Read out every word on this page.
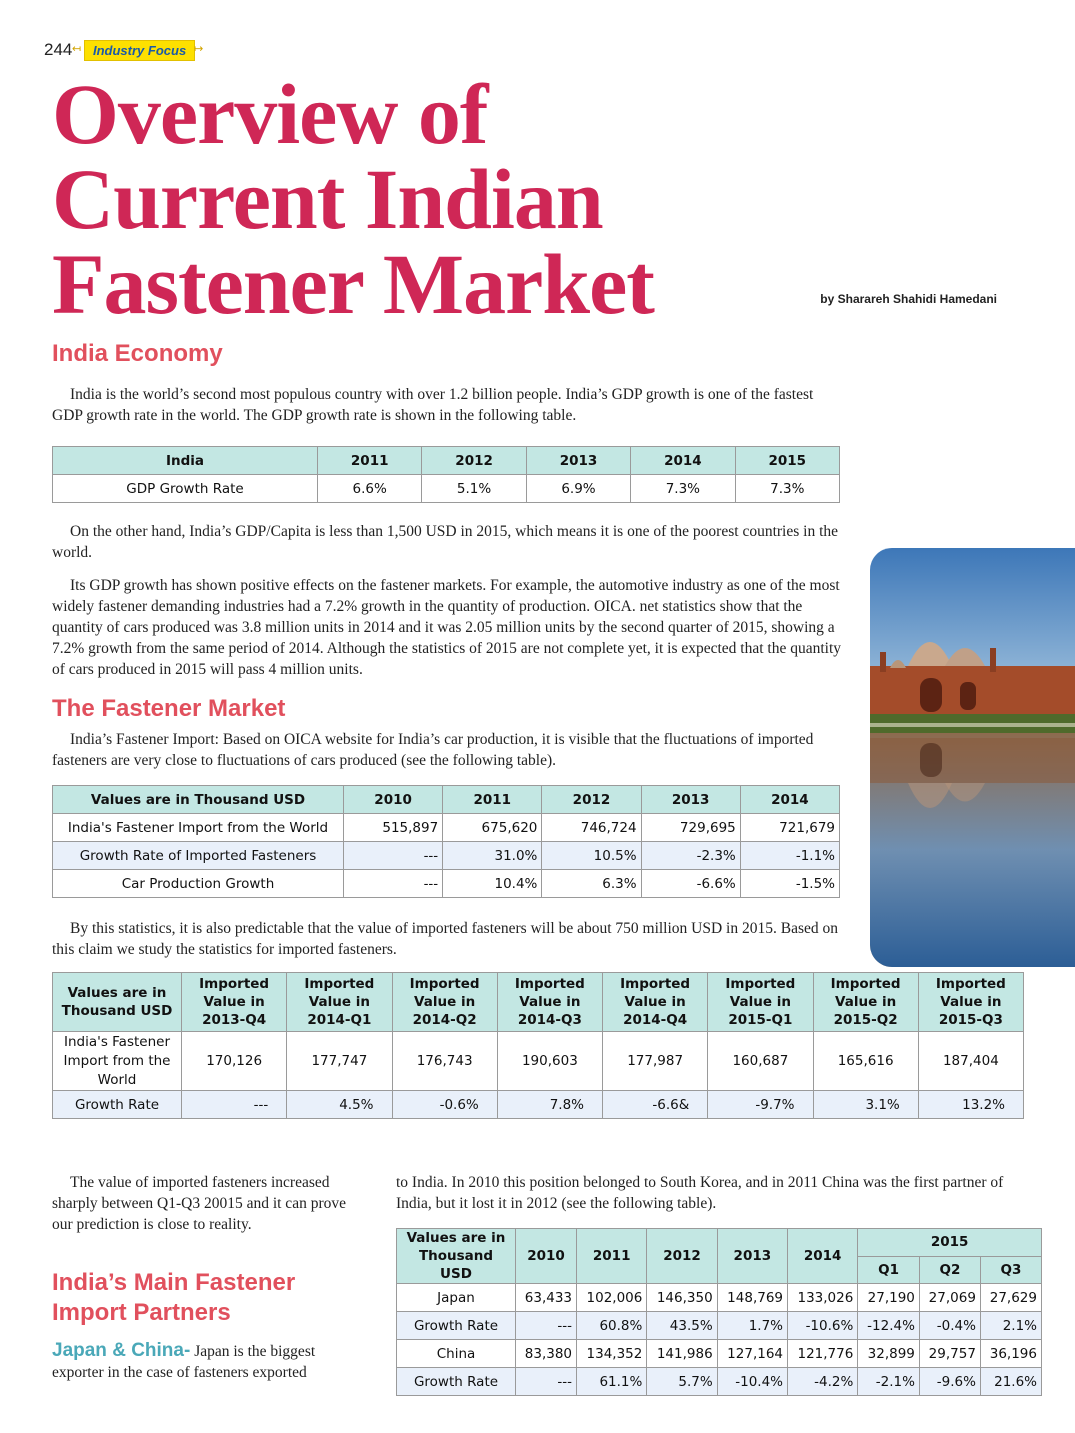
244 ↤ Industry Focus ↦
Overview of
Current Indian
Fastener Market	by Sharareh Shahidi Hamedani
India Economy

India is the world’s second most populous country with over 1.2 billion people. India’s GDP growth is one of the fastest GDP growth rate in the world. The GDP growth rate is shown in the following table.

India	2011	2012	2013	2014	2015
GDP Growth Rate	6.6%	5.1%	6.9%	7.3%	7.3%

On the other hand, India’s GDP/Capita is less than 1,500 USD in 2015, which means it is one of the poorest countries in the world.

Its GDP growth has shown positive effects on the fastener markets. For example, the automotive industry as one of the most widely fastener demanding industries had a 7.2% growth in the quantity of production. OICA. net statistics show that the quantity of cars produced was 3.8 million units in 2014 and it was 2.05 million units by the second quarter of 2015, showing a 7.2% growth from the same period of 2014. Although the statistics of 2015 are not complete yet, it is expected that the quantity of cars produced in 2015 will pass 4 million units.

The Fastener Market

India’s Fastener Import: Based on OICA website for India’s car production, it is visible that the fluctuations of imported fasteners are very close to fluctuations of cars produced (see the following table).

Values are in Thousand USD	2010	2011	2012	2013	2014
India's Fastener Import from the World	515,897	675,620	746,724	729,695	721,679
Growth Rate of Imported Fasteners	---	31.0%	10.5%	-2.3%	-1.1%
Car Production Growth	---	10.4%	6.3%	-6.6%	-1.5%

By this statistics, it is also predictable that the value of imported fasteners will be about 750 million USD in 2015. Based on this claim we study the statistics for imported fasteners.

Values are in Thousand USD	Imported Value in 2013-Q4	Imported Value in 2014-Q1	Imported Value in 2014-Q2	Imported Value in 2014-Q3	Imported Value in 2014-Q4	Imported Value in 2015-Q1	Imported Value in 2015-Q2	Imported Value in 2015-Q3
India's Fastener Import from the World	170,126	177,747	176,743	190,603	177,987	160,687	165,616	187,404
Growth Rate	---	4.5%	-0.6%	7.8%	-6.6&	-9.7%	3.1%	13.2%

The value of imported fasteners increased sharply between Q1-Q3 20015 and it can prove our prediction is close to reality.

India’s Main Fastener
Import Partners

Japan & China- Japan is the biggest exporter in the case of fasteners exported

to India. In 2010 this position belonged to South Korea, and in 2011 China was the first partner of India, but it lost it in 2012 (see the following table).

Values are in Thousand USD	2010	2011	2012	2013	2014	2015		
						Q1	Q2	Q3
Japan	63,433	102,006	146,350	148,769	133,026	27,190	27,069	27,629
Growth Rate	---	60.8%	43.5%	1.7%	-10.6%	-12.4%	-0.4%	2.1%
China	83,380	134,352	141,986	127,164	121,776	32,899	29,757	36,196
Growth Rate	---	61.1%	5.7%	-10.4%	-4.2%	-2.1%	-9.6%	21.6%
